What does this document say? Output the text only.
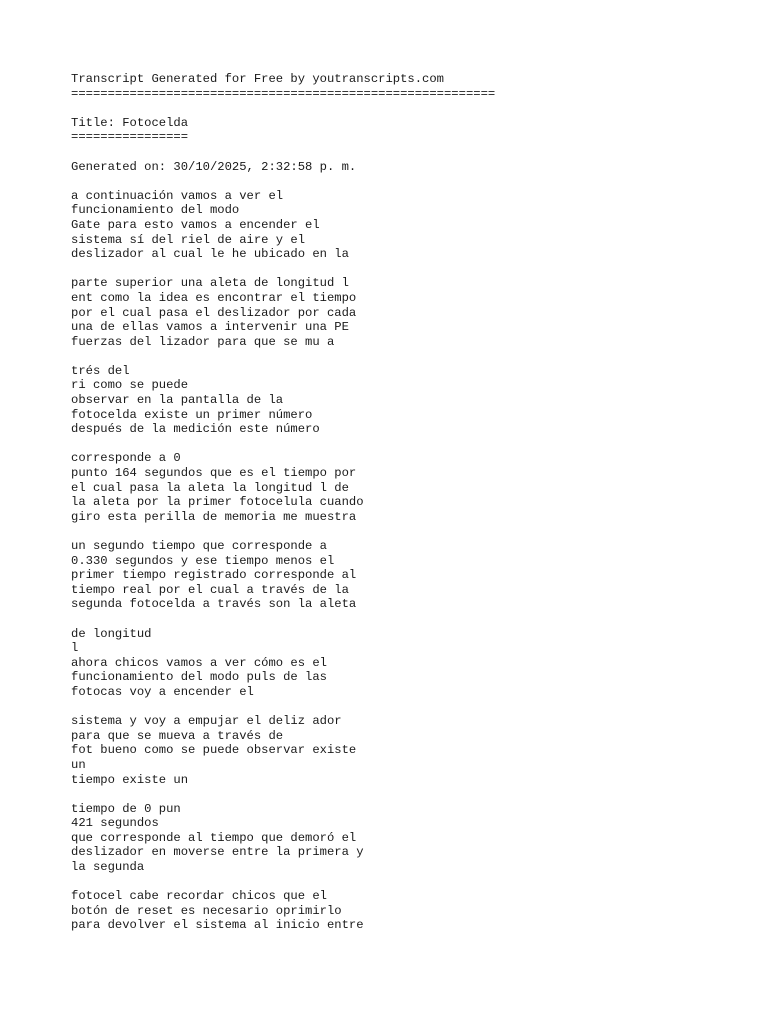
Transcript Generated for Free by youtranscripts.com
==========================================================
Title: Fotocelda
================
Generated on: 30/10/2025, 2:32:58 p. m.
a continuación vamos a ver el
funcionamiento del modo
Gate para esto vamos a encender el
sistema sí del riel de aire y el
deslizador al cual le he ubicado en la
parte superior una aleta de longitud l
ent como la idea es encontrar el tiempo
por el cual pasa el deslizador por cada
una de ellas vamos a intervenir una PE
fuerzas del lizador para que se mu a
trés del
ri como se puede
observar en la pantalla de la
fotocelda existe un primer número
después de la medición este número
corresponde a 0
punto 164 segundos que es el tiempo por
el cual pasa la aleta la longitud l de
la aleta por la primer fotocelula cuando
giro esta perilla de memoria me muestra
un segundo tiempo que corresponde a
0.330 segundos y ese tiempo menos el
primer tiempo registrado corresponde al
tiempo real por el cual a través de la
segunda fotocelda a través son la aleta
de longitud
l
ahora chicos vamos a ver cómo es el
funcionamiento del modo puls de las
fotocas voy a encender el
sistema y voy a empujar el deliz ador
para que se mueva a través de
fot bueno como se puede observar existe
un
tiempo existe un
tiempo de 0 pun
421 segundos
que corresponde al tiempo que demoró el
deslizador en moverse entre la primera y
la segunda
fotocel cabe recordar chicos que el
botón de reset es necesario oprimirlo
para devolver el sistema al inicio entre
